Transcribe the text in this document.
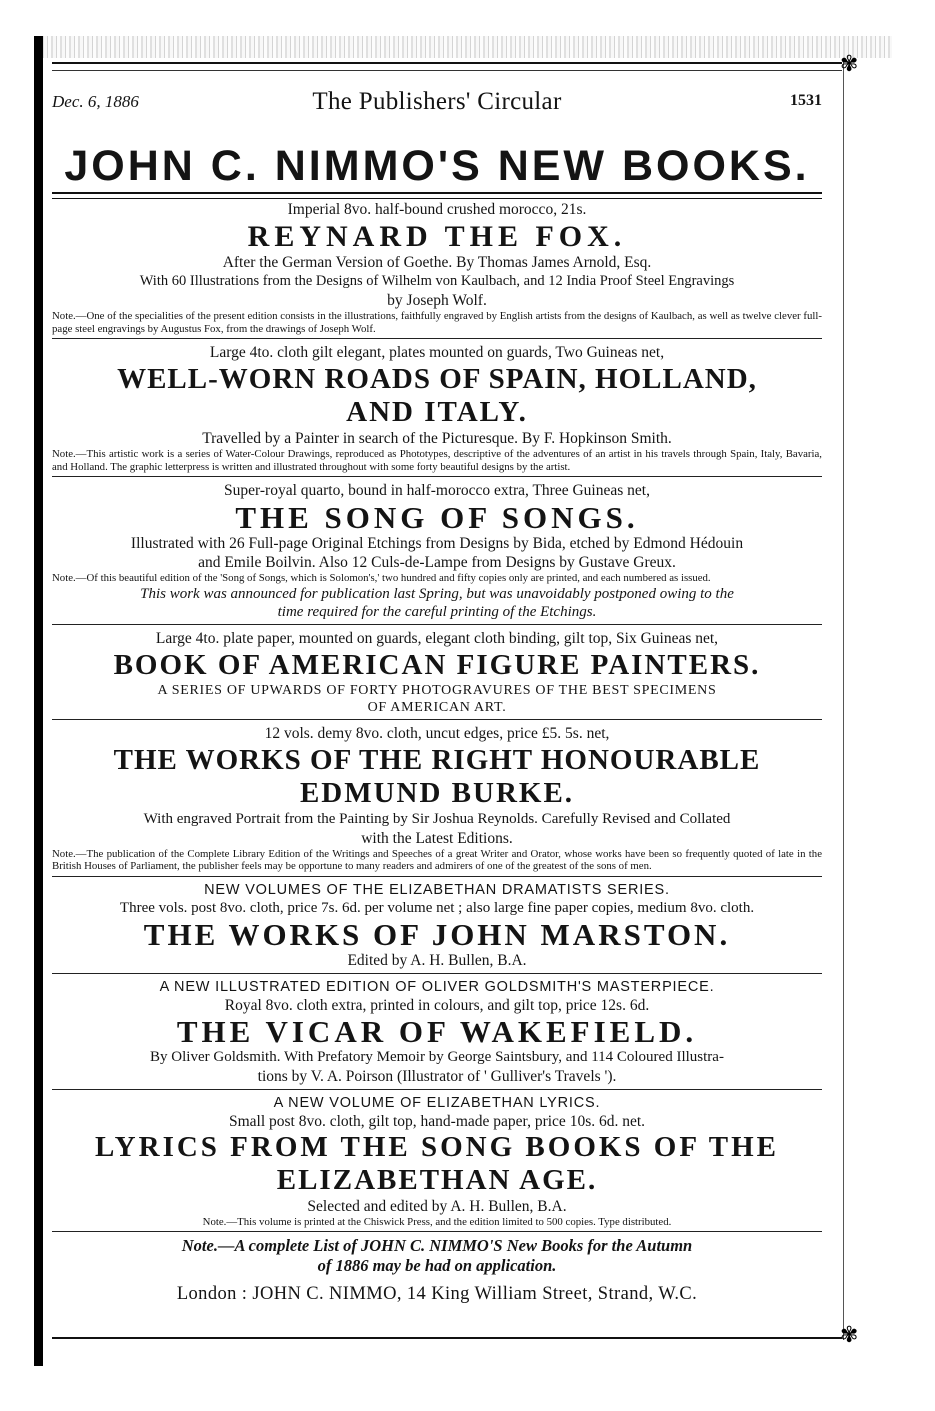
✾
✾
Dec. 6, 1886	The Publishers' Circular	1531
JOHN C. NIMMO'S NEW BOOKS.
Imperial 8vo. half-bound crushed morocco, 21s.
REYNARD THE FOX.
After the German Version of Goethe. By Thomas James Arnold, Esq.
With 60 Illustrations from the Designs of Wilhelm von Kaulbach, and 12 India Proof Steel Engravings
by Joseph Wolf.
Note.—One of the specialities of the present edition consists in the illustrations, faithfully engraved by English artists from the designs of Kaulbach, as well as twelve clever full-page steel engravings by Augustus Fox, from the drawings of Joseph Wolf.
Large 4to. cloth gilt elegant, plates mounted on guards, Two Guineas net,
WELL-WORN ROADS OF SPAIN, HOLLAND,
AND ITALY.
Travelled by a Painter in search of the Picturesque. By F. Hopkinson Smith.
Note.—This artistic work is a series of Water-Colour Drawings, reproduced as Phototypes, descriptive of the adventures of an artist in his travels through Spain, Italy, Bavaria, and Holland. The graphic letterpress is written and illustrated throughout with some forty beautiful designs by the artist.
Super-royal quarto, bound in half-morocco extra, Three Guineas net,
THE SONG OF SONGS.
Illustrated with 26 Full-page Original Etchings from Designs by Bida, etched by Edmond Hédouin
and Emile Boilvin. Also 12 Culs-de-Lampe from Designs by Gustave Greux.
Note.—Of this beautiful edition of the 'Song of Songs, which is Solomon's,' two hundred and fifty copies only are printed, and each numbered as issued.
This work was announced for publication last Spring, but was unavoidably postponed owing to the
time required for the careful printing of the Etchings.
Large 4to. plate paper, mounted on guards, elegant cloth binding, gilt top, Six Guineas net,
BOOK OF AMERICAN FIGURE PAINTERS.
A SERIES OF UPWARDS OF FORTY PHOTOGRAVURES OF THE BEST SPECIMENS
OF AMERICAN ART.
12 vols. demy 8vo. cloth, uncut edges, price £5. 5s. net,
THE WORKS OF THE RIGHT HONOURABLE
EDMUND BURKE.
With engraved Portrait from the Painting by Sir Joshua Reynolds. Carefully Revised and Collated
with the Latest Editions.
Note.—The publication of the Complete Library Edition of the Writings and Speeches of a great Writer and Orator, whose works have been so frequently quoted of late in the British Houses of Parliament, the publisher feels may be opportune to many readers and admirers of one of the greatest of the sons of men.
NEW VOLUMES OF THE ELIZABETHAN DRAMATISTS SERIES.
Three vols. post 8vo. cloth, price 7s. 6d. per volume net ; also large fine paper copies, medium 8vo. cloth.
THE WORKS OF JOHN MARSTON.
Edited by A. H. Bullen, B.A.
A NEW ILLUSTRATED EDITION OF OLIVER GOLDSMITH'S MASTERPIECE.
Royal 8vo. cloth extra, printed in colours, and gilt top, price 12s. 6d.
THE VICAR OF WAKEFIELD.
By Oliver Goldsmith. With Prefatory Memoir by George Saintsbury, and 114 Coloured Illustra-
tions by V. A. Poirson (Illustrator of ' Gulliver's Travels ').
A NEW VOLUME OF ELIZABETHAN LYRICS.
Small post 8vo. cloth, gilt top, hand-made paper, price 10s. 6d. net.
LYRICS FROM THE SONG BOOKS OF THE
ELIZABETHAN AGE.
Selected and edited by A. H. Bullen, B.A.
Note.—This volume is printed at the Chiswick Press, and the edition limited to 500 copies. Type distributed.
Note.—A complete List of JOHN C. NIMMO'S New Books for the Autumn
of 1886 may be had on application.
London : JOHN C. NIMMO, 14 King William Street, Strand, W.C.
